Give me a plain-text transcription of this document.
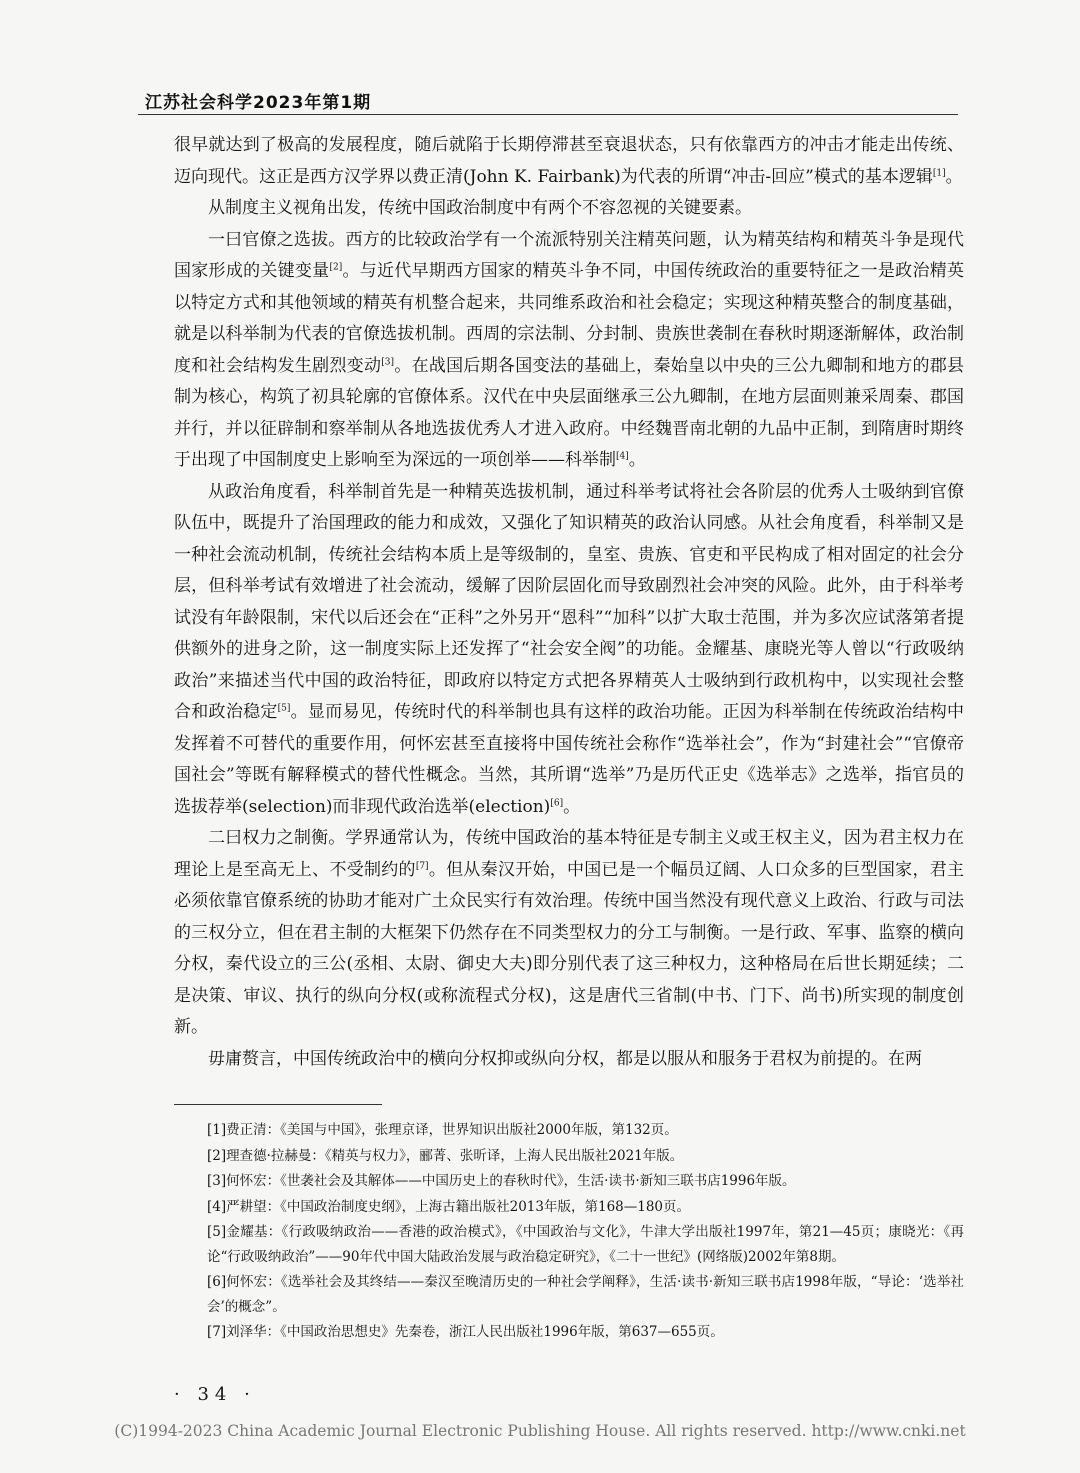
江苏社会科学2023年第1期

很早就达到了极高的发展程度，随后就陷于长期停滞甚至衰退状态，只有依靠西方的冲击才能走出传统、迈向现代。这正是西方汉学界以费正清(John K. Fairbank)为代表的所谓“冲击-回应”模式的基本逻辑[1]。

从制度主义视角出发，传统中国政治制度中有两个不容忽视的关键要素。

一曰官僚之选拔。西方的比较政治学有一个流派特别关注精英问题，认为精英结构和精英斗争是现代国家形成的关键变量[2]。与近代早期西方国家的精英斗争不同，中国传统政治的重要特征之一是政治精英以特定方式和其他领域的精英有机整合起来，共同维系政治和社会稳定；实现这种精英整合的制度基础，就是以科举制为代表的官僚选拔机制。西周的宗法制、分封制、贵族世袭制在春秋时期逐渐解体，政治制度和社会结构发生剧烈变动[3]。在战国后期各国变法的基础上，秦始皇以中央的三公九卿制和地方的郡县制为核心，构筑了初具轮廓的官僚体系。汉代在中央层面继承三公九卿制，在地方层面则兼采周秦、郡国并行，并以征辟制和察举制从各地选拔优秀人才进入政府。中经魏晋南北朝的九品中正制，到隋唐时期终于出现了中国制度史上影响至为深远的一项创举——科举制[4]。

从政治角度看，科举制首先是一种精英选拔机制，通过科举考试将社会各阶层的优秀人士吸纳到官僚队伍中，既提升了治国理政的能力和成效，又强化了知识精英的政治认同感。从社会角度看，科举制又是一种社会流动机制，传统社会结构本质上是等级制的，皇室、贵族、官吏和平民构成了相对固定的社会分层，但科举考试有效增进了社会流动，缓解了因阶层固化而导致剧烈社会冲突的风险。此外，由于科举考试没有年龄限制，宋代以后还会在“正科”之外另开“恩科”“加科”以扩大取士范围，并为多次应试落第者提供额外的进身之阶，这一制度实际上还发挥了“社会安全阀”的功能。金耀基、康晓光等人曾以“行政吸纳政治”来描述当代中国的政治特征，即政府以特定方式把各界精英人士吸纳到行政机构中，以实现社会整合和政治稳定[5]。显而易见，传统时代的科举制也具有这样的政治功能。正因为科举制在传统政治结构中发挥着不可替代的重要作用，何怀宏甚至直接将中国传统社会称作“选举社会”，作为“封建社会”“官僚帝国社会”等既有解释模式的替代性概念。当然，其所谓“选举”乃是历代正史《选举志》之选举，指官员的选拔荐举(selection)而非现代政治选举(election)[6]。

二曰权力之制衡。学界通常认为，传统中国政治的基本特征是专制主义或王权主义，因为君主权力在理论上是至高无上、不受制约的[7]。但从秦汉开始，中国已是一个幅员辽阔、人口众多的巨型国家，君主必须依靠官僚系统的协助才能对广土众民实行有效治理。传统中国当然没有现代意义上政治、行政与司法的三权分立，但在君主制的大框架下仍然存在不同类型权力的分工与制衡。一是行政、军事、监察的横向分权，秦代设立的三公(丞相、太尉、御史大夫)即分别代表了这三种权力，这种格局在后世长期延续；二是决策、审议、执行的纵向分权(或称流程式分权)，这是唐代三省制(中书、门下、尚书)所实现的制度创新。

毋庸赘言，中国传统政治中的横向分权抑或纵向分权，都是以服从和服务于君权为前提的。在两

[1]费正清：《美国与中国》，张理京译，世界知识出版社2000年版，第132页。

[2]理查德·拉赫曼：《精英与权力》，郦菁、张昕译，上海人民出版社2021年版。

[3]何怀宏：《世袭社会及其解体——中国历史上的春秋时代》，生活·读书·新知三联书店1996年版。

[4]严耕望：《中国政治制度史纲》，上海古籍出版社2013年版，第168—180页。

[5]金耀基：《行政吸纳政治——香港的政治模式》，《中国政治与文化》，牛津大学出版社1997年，第21—45页；康晓光：《再论“行政吸纳政治”——90年代中国大陆政治发展与政治稳定研究》，《二十一世纪》(网络版)2002年第8期。

[6]何怀宏：《选举社会及其终结——秦汉至晚清历史的一种社会学阐释》，生活·读书·新知三联书店1998年版，“导论：‘选举社会’的概念”。

[7]刘泽华：《中国政治思想史》先秦卷，浙江人民出版社1996年版，第637—655页。

· 34 ·
(C)1994-2023 China Academic Journal Electronic Publishing House. All rights reserved. http://www.cnki.net
